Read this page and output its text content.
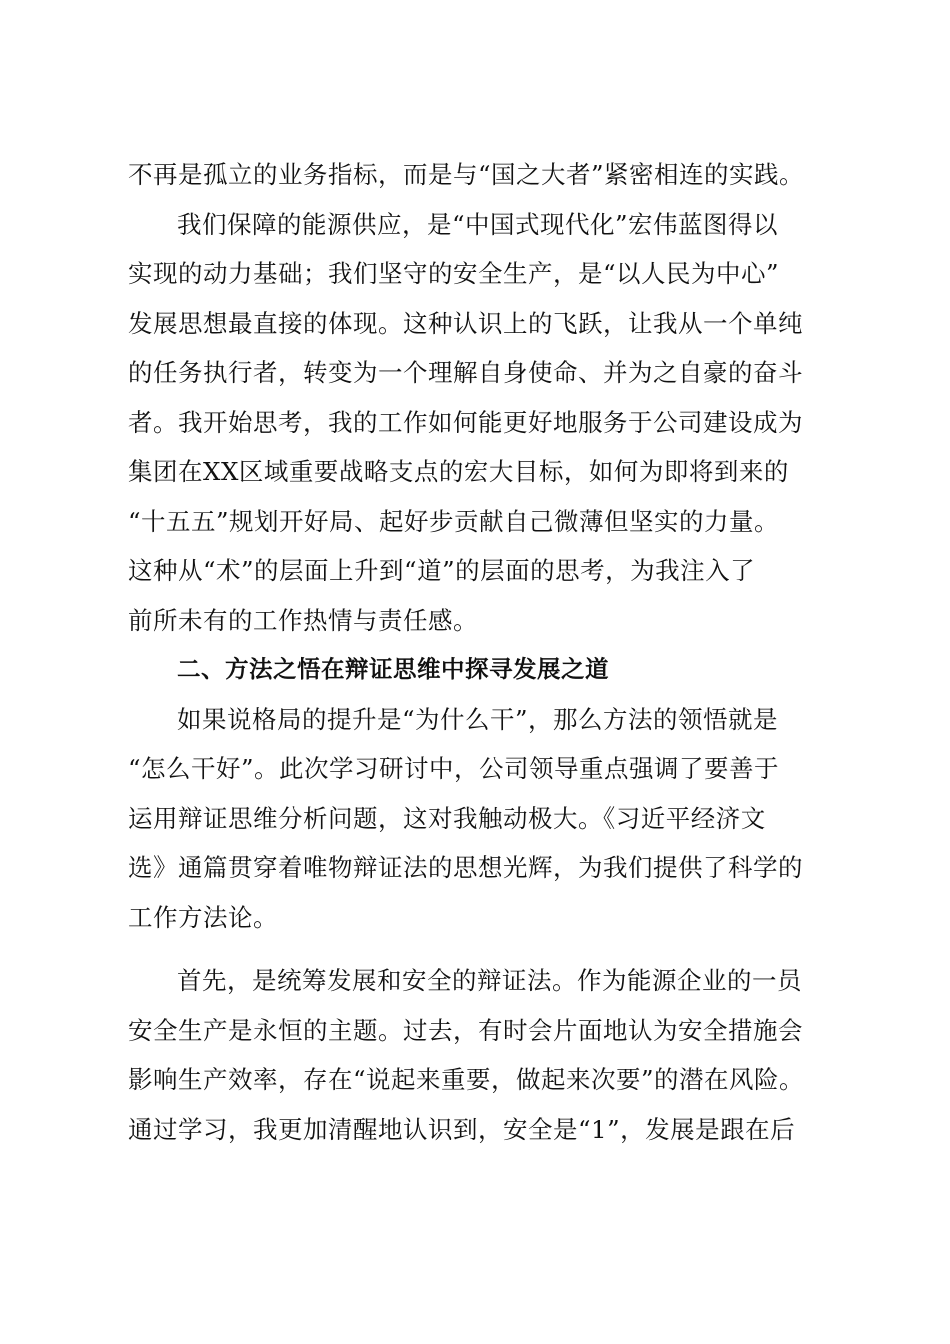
不再是孤立的业务指标，而是与“国之大者”紧密相连的实践。
我们保障的能源供应，是“中国式现代化”宏伟蓝图得以
实现的动力基础；我们坚守的安全生产，是“以人民为中心”
发展思想最直接的体现。这种认识上的飞跃，让我从一个单纯
的任务执行者，转变为一个理解自身使命、并为之自豪的奋斗
者。我开始思考，我的工作如何能更好地服务于公司建设成为
集团在XX区域重要战略支点的宏大目标，如何为即将到来的
“十五五”规划开好局、起好步贡献自己微薄但坚实的力量。
这种从“术”的层面上升到“道”的层面的思考，为我注入了
前所未有的工作热情与责任感。
二、方法之悟在辩证思维中探寻发展之道
如果说格局的提升是“为什么干”，那么方法的领悟就是
“怎么干好”。此次学习研讨中，公司领导重点强调了要善于
运用辩证思维分析问题，这对我触动极大。《习近平经济文
选》通篇贯穿着唯物辩证法的思想光辉，为我们提供了科学的
工作方法论。
首先，是统筹发展和安全的辩证法。作为能源企业的一员
安全生产是永恒的主题。过去，有时会片面地认为安全措施会
影响生产效率，存在“说起来重要，做起来次要”的潜在风险。
通过学习，我更加清醒地认识到，安全是“1”，发展是跟在后
